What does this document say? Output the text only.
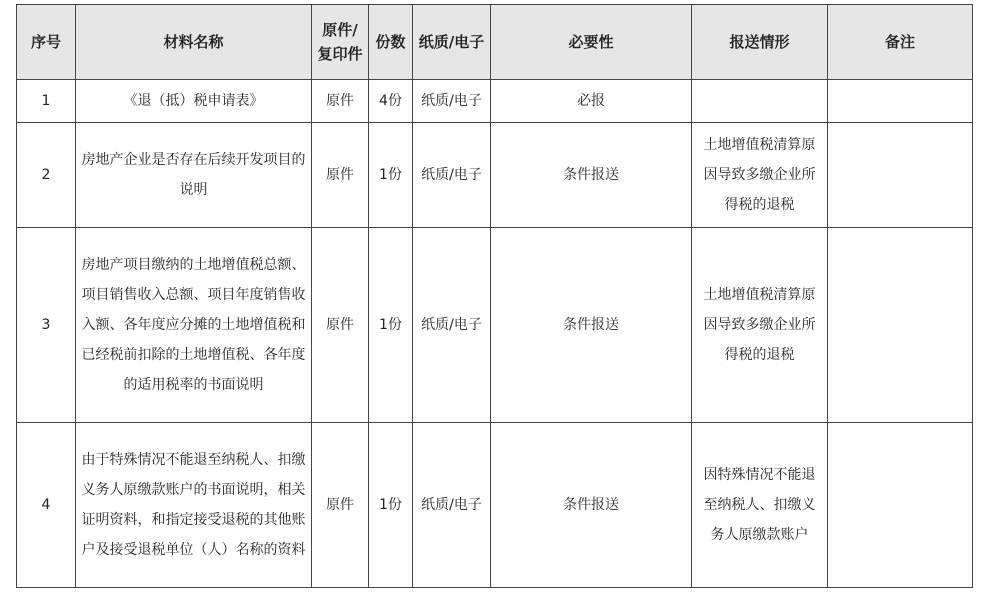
序号	材料名称	原件/复印件	份数	纸质/电子	必要性	报送情形	备注
1	《退（抵）税申请表》	原件	4份	纸质/电子	必报		
2	房地产企业是否存在后续开发项目的说明	原件	1份	纸质/电子	条件报送	土地增值税清算原因导致多缴企业所得税的退税	
3	房地产项目缴纳的土地增值税总额、项目销售收入总额、项目年度销售收入额、各年度应分摊的土地增值税和已经税前扣除的土地增值税、各年度的适用税率的书面说明	原件	1份	纸质/电子	条件报送	土地增值税清算原因导致多缴企业所得税的退税	
4	由于特殊情况不能退至纳税人、扣缴义务人原缴款账户的书面说明，相关证明资料，和指定接受退税的其他账户及接受退税单位（人）名称的资料	原件	1份	纸质/电子	条件报送	因特殊情况不能退至纳税人、扣缴义务人原缴款账户	
